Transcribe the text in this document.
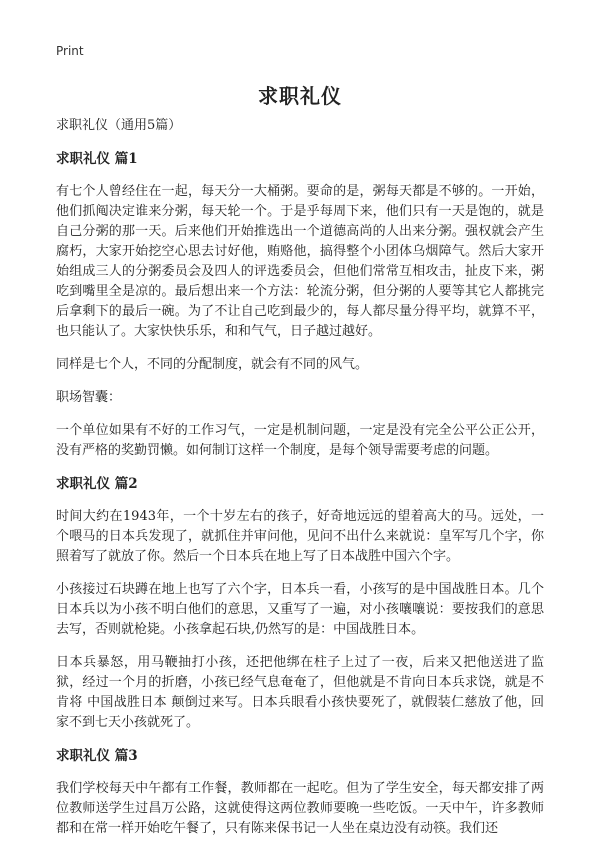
Print
求职礼仪

求职礼仪（通用5篇）

求职礼仪 篇1

有七个人曾经住在一起，每天分一大桶粥。要命的是，粥每天都是不够的。一开始，他们抓阄决定谁来分粥，每天轮一个。于是乎每周下来，他们只有一天是饱的，就是自己分粥的那一天。后来他们开始推选出一个道德高尚的人出来分粥。强权就会产生腐朽，大家开始挖空心思去讨好他，贿赂他，搞得整个小团体乌烟障气。然后大家开始组成三人的分粥委员会及四人的评选委员会，但他们常常互相攻击，扯皮下来，粥吃到嘴里全是凉的。最后想出来一个方法：轮流分粥，但分粥的人要等其它人都挑完后拿剩下的最后一碗。为了不让自己吃到最少的，每人都尽量分得平均，就算不平，也只能认了。大家快快乐乐，和和气气，日子越过越好。

同样是七个人，不同的分配制度，就会有不同的风气。

职场智囊：

一个单位如果有不好的工作习气，一定是机制问题，一定是没有完全公平公正公开，没有严格的奖勤罚懒。如何制订这样一个制度，是每个领导需要考虑的问题。

求职礼仪 篇2

时间大约在1943年，一个十岁左右的孩子，好奇地远远的望着高大的马。远处，一个喂马的日本兵发现了，就抓住并审问他，见问不出什么来就说：皇军写几个字，你照着写了就放了你。然后一个日本兵在地上写了日本战胜中国六个字。

小孩接过石块蹲在地上也写了六个字，日本兵一看，小孩写的是中国战胜日本。几个日本兵以为小孩不明白他们的意思，又重写了一遍，对小孩嚷嚷说：要按我们的意思去写，否则就枪毙。小孩拿起石块,仍然写的是：中国战胜日本。

日本兵暴怒，用马鞭抽打小孩，还把他绑在柱子上过了一夜，后来又把他送进了监狱，经过一个月的折磨，小孩已经气息奄奄了，但他就是不肯向日本兵求饶，就是不肯将 中国战胜日本 颠倒过来写。日本兵眼看小孩快要死了，就假装仁慈放了他，回家不到七天小孩就死了。

求职礼仪 篇3

我们学校每天中午都有工作餐，教师都在一起吃。但为了学生安全，每天都安排了两位教师送学生过昌万公路，这就使得这两位教师要晚一些吃饭。一天中午，许多教师都和在常一样开始吃午餐了，只有陈来保书记一人坐在桌边没有动筷。我们还
